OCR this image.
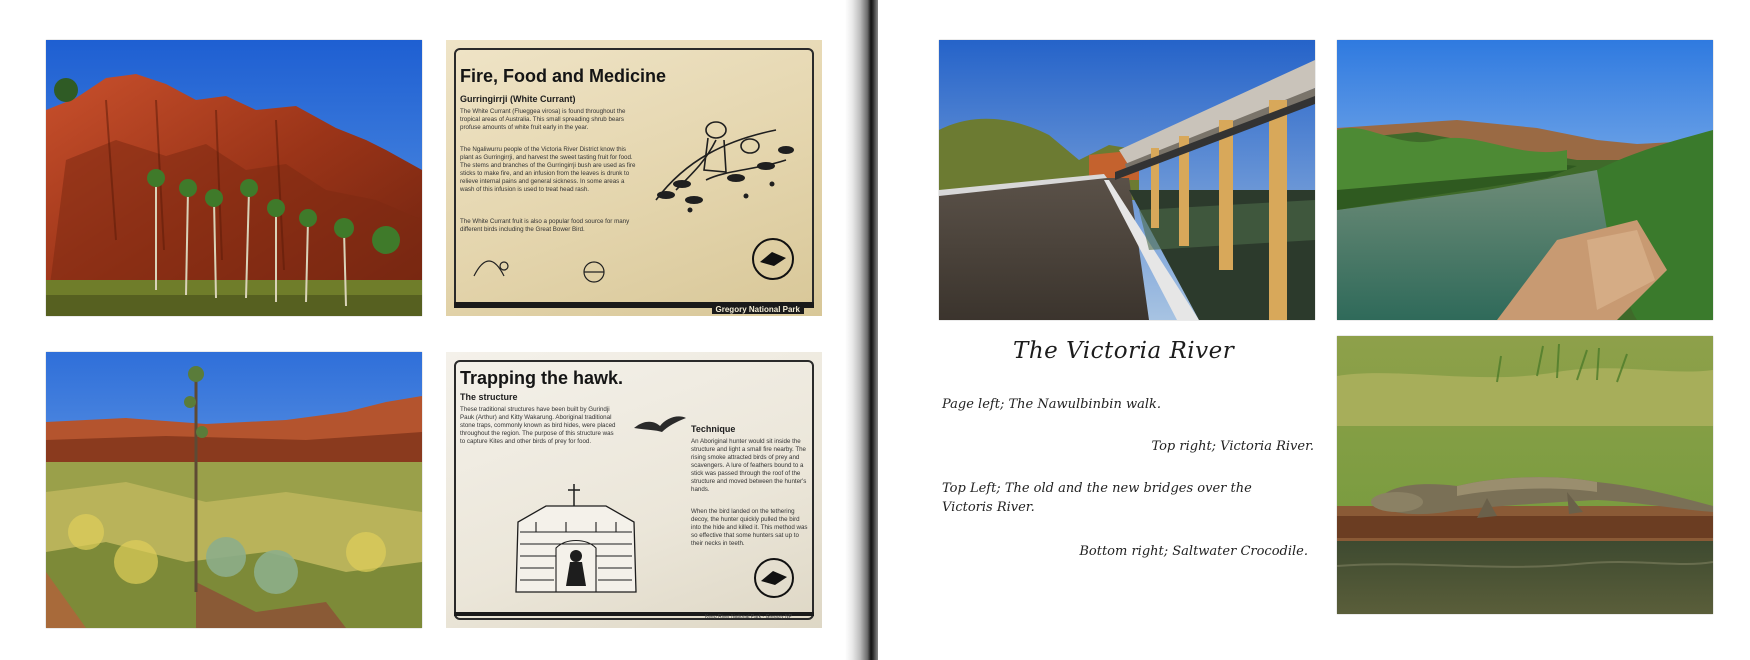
Fire, Food and Medicine
Gurringirrji (White Currant)
The White Currant (Flueggea virosa) is found throughout the tropical areas of Australia. This small spreading shrub bears profuse amounts of white fruit early in the year.
The Ngaliwurru people of the Victoria River District know this plant as Gurringirrji, and harvest the sweet tasting fruit for food. The stems and branches of the Gurringirrji bush are used as fire sticks to make fire, and an infusion from the leaves is drunk to relieve internal pains and general sickness. In some areas a wash of this infusion is used to treat head rash.
The White Currant fruit is also a popular food source for many different birds including the Great Bower Bird.
Gregory National Park
Trapping the hawk.
The structure
These traditional structures have been built by Gurindji Pauk (Arthur) and Kitty Wakarung. Aboriginal traditional stone traps, commonly known as bird hides, were placed throughout the region. The purpose of this structure was to capture Kites and other birds of prey for food.
Technique
An Aboriginal hunter would sit inside the structure and light a small fire nearby. The rising smoke attracted birds of prey and scavengers. A lure of feathers bound to a stick was passed through the roof of the structure and moved between the hunter's hands.
When the bird landed on the tethering decoy, the hunter quickly pulled the bird into the hide and killed it. This method was so effective that some hunters sat up to their necks in teeth.
Keep River National Park - Gregory NP
The Victoria River
Page left; The Nawulbinbin walk.
Top right; Victoria River.
Top Left; The old and the new bridges over the Victoris River.
Bottom right; Saltwater Crocodile.
